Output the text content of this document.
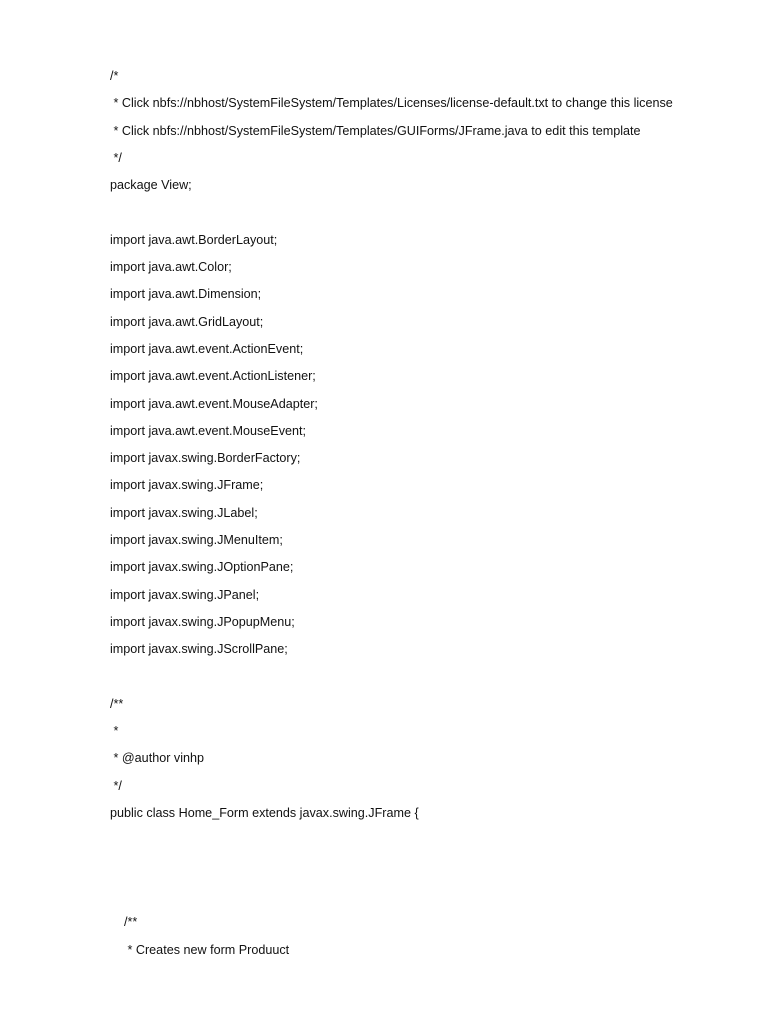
/*
* Click nbfs://nbhost/SystemFileSystem/Templates/Licenses/license-default.txt to change this license
* Click nbfs://nbhost/SystemFileSystem/Templates/GUIForms/JFrame.java to edit this template
*/
package View;
import java.awt.BorderLayout;
import java.awt.Color;
import java.awt.Dimension;
import java.awt.GridLayout;
import java.awt.event.ActionEvent;
import java.awt.event.ActionListener;
import java.awt.event.MouseAdapter;
import java.awt.event.MouseEvent;
import javax.swing.BorderFactory;
import javax.swing.JFrame;
import javax.swing.JLabel;
import javax.swing.JMenuItem;
import javax.swing.JOptionPane;
import javax.swing.JPanel;
import javax.swing.JPopupMenu;
import javax.swing.JScrollPane;
/**
*
* @author vinhp
*/
public class Home_Form extends javax.swing.JFrame {
/**
* Creates new form Produuct
